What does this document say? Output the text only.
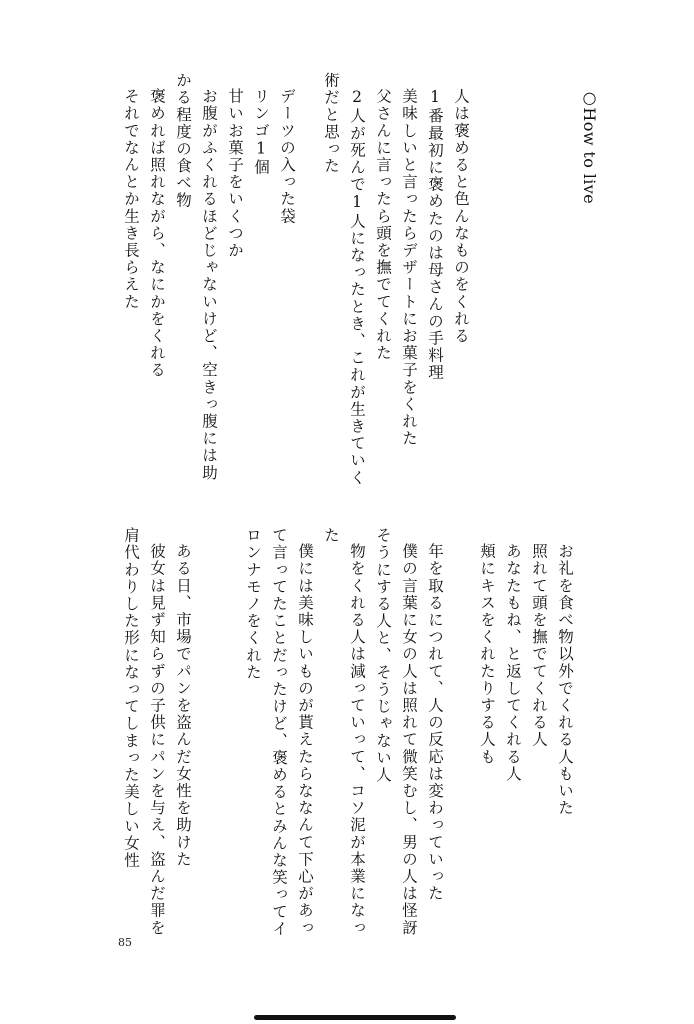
○How to live

人は褒めると色んなものをくれる

1番最初に褒めたのは母さんの手料理

美味しいと言ったらデザートにお菓子をくれた

父さんに言ったら頭を撫でてくれた

2人が死んで1人になったとき、これが生きていく

術だと思った

デーツの入った袋

リンゴ1個

甘いお菓子をいくつか

お腹がふくれるほどじゃないけど、空きっ腹には助

かる程度の食べ物

褒めれば照れながら、なにかをくれる

それでなんとか生き長らえた

お礼を食べ物以外でくれる人もいた

照れて頭を撫でてくれる人

あなたもね、と返してくれる人

頬にキスをくれたりする人も

年を取るにつれて、人の反応は変わっていった

僕の言葉に女の人は照れて微笑むし、男の人は怪訝

そうにする人と、そうじゃない人

物をくれる人は減っていって、コソ泥が本業になっ

た

僕には美味しいものが貰えたらななんて下心があっ

て言ってたことだったけど、褒めるとみんな笑ってイ

ロンナモノをくれた

ある日、市場でパンを盗んだ女性を助けた

彼女は見ず知らずの子供にパンを与え、盗んだ罪を

肩代わりした形になってしまった美しい女性

85
